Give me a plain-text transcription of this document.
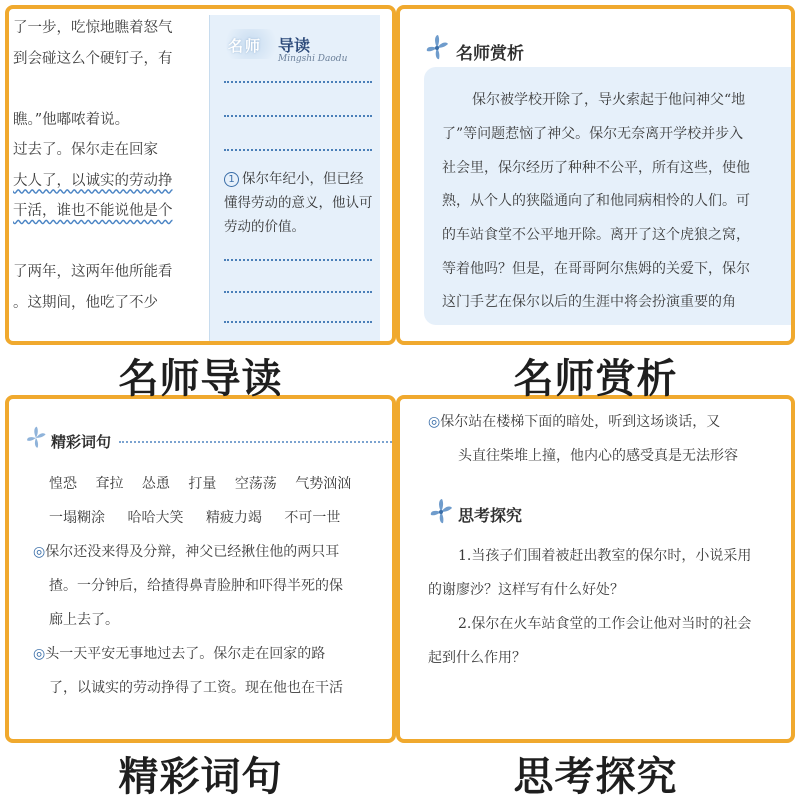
了一步，吃惊地瞧着怒气
到会碰这么个硬钉子，有
瞧。”他嘟哝着说。
过去了。保尔走在回家
大人了，以诚实的劳动挣
干活，谁也不能说他是个
了两年，这两年他所能看
。这期间，他吃了不少
名师 导读
Mingshi Daodu
1 保尔年纪小，但已经懂得劳动的意义，他认可劳动的价值。
名师赏析
保尔被学校开除了，导火索起于他问神父“地
了”等问题惹恼了神父。保尔无奈离开学校并步入
社会里，保尔经历了种种不公平，所有这些，使他
熟，从个人的狭隘通向了和他同病相怜的人们。可
的车站食堂不公平地开除。离开了这个虎狼之窝，
等着他吗？但是，在哥哥阿尔焦姆的关爱下，保尔
这门手艺在保尔以后的生涯中将会扮演重要的角
精彩词句
惶恐 耷拉 怂恿 打量 空荡荡 气势汹汹
一塌糊涂 哈哈大笑 精疲力竭 不可一世
◎保尔还没来得及分辩，神父已经揪住他的两只耳
揸。一分钟后，给揸得鼻青脸肿和吓得半死的保
廊上去了。
◎头一天平安无事地过去了。保尔走在回家的路
了，以诚实的劳动挣得了工资。现在他也在干活
◎保尔站在楼梯下面的暗处，听到这场谈话，又
头直往柴堆上撞，他内心的感受真是无法形容
思考探究
1.当孩子们围着被赶出教室的保尔时，小说采用
的谢廖沙？这样写有什么好处？
2.保尔在火车站食堂的工作会让他对当时的社会
起到什么作用？
名师导读	名师赏析
精彩词句	思考探究
